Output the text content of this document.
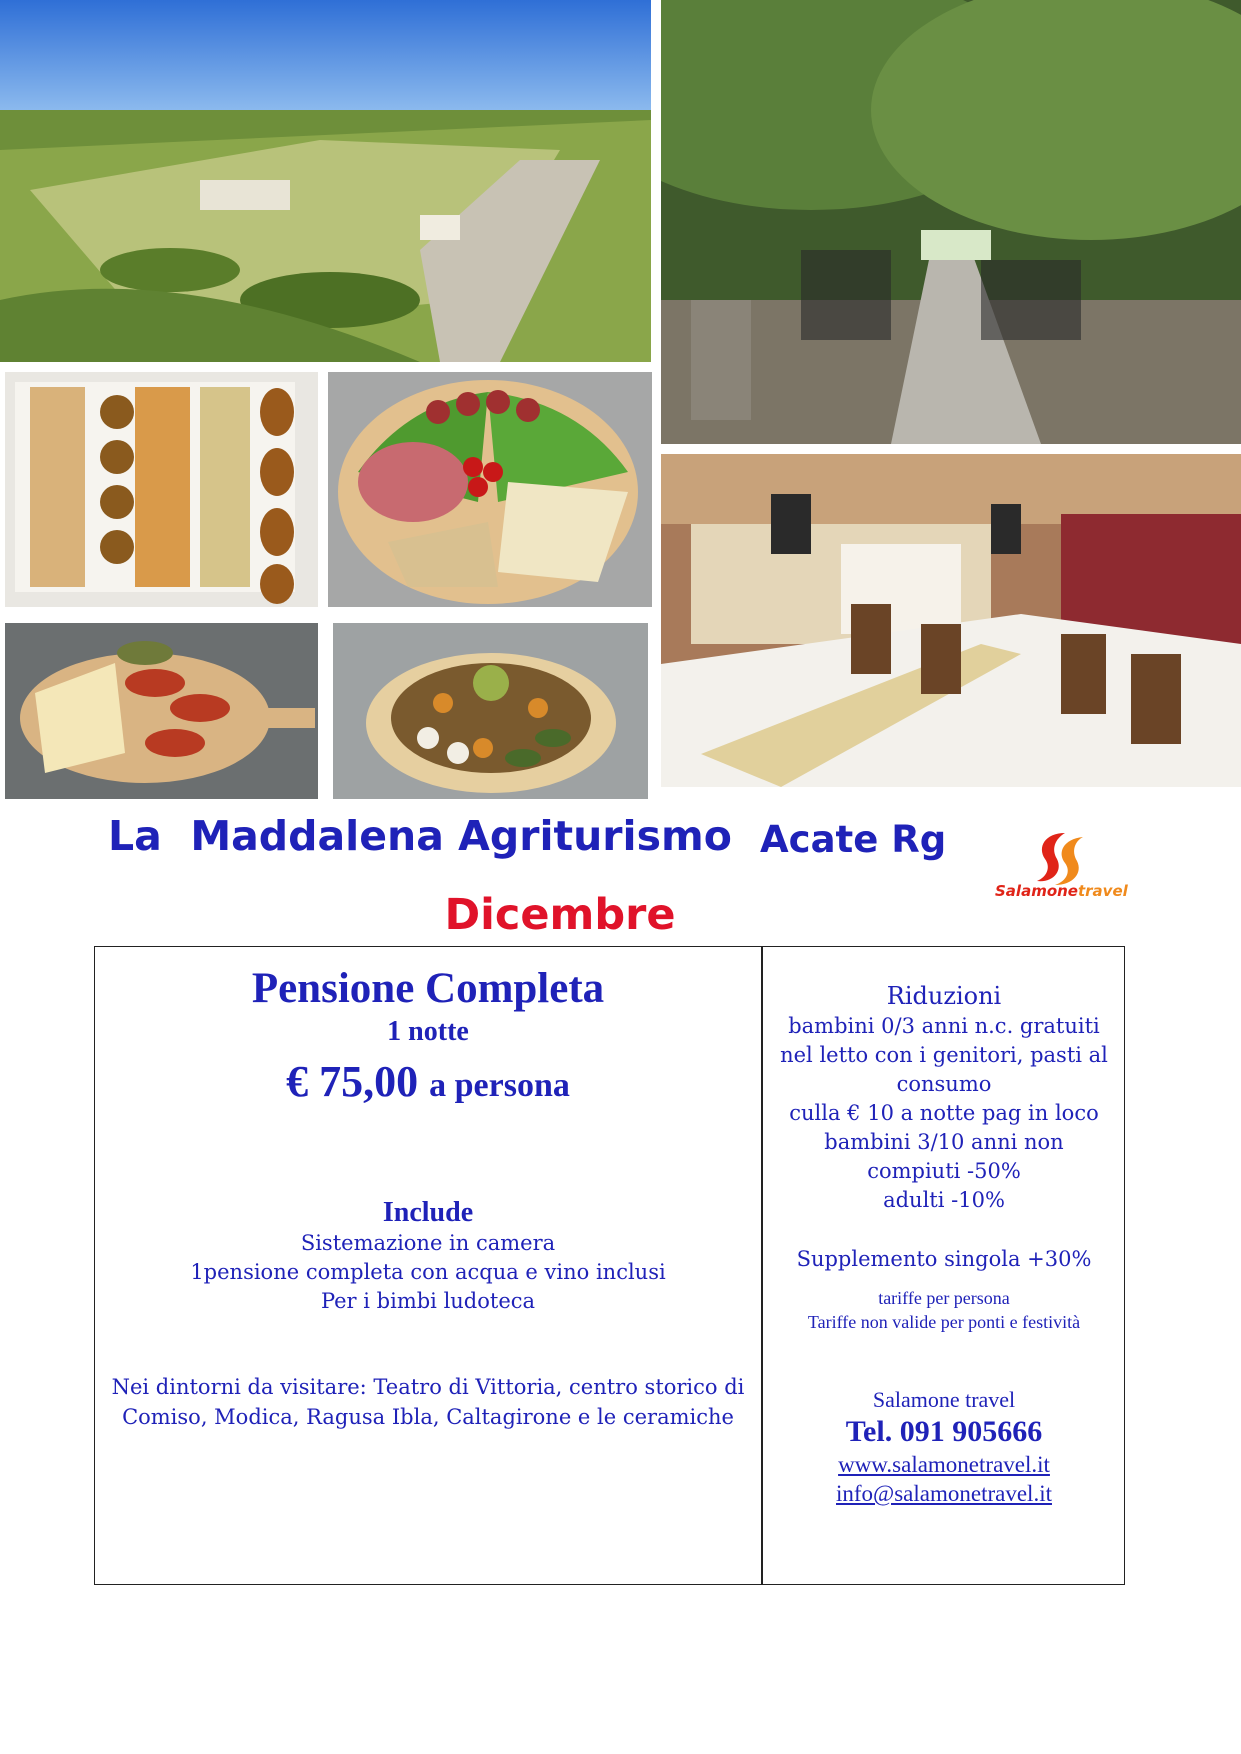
La  Maddalena Agriturismo Acate Rg
Dicembre	Salamonetravel
Pensione Completa
1 notte
€ 75,00 a persona
Include
Sistemazione in camera
1pensione completa con acqua e vino inclusi
Per i bimbi ludoteca
Nei dintorni da visitare: Teatro di Vittoria, centro storico di
Comiso, Modica, Ragusa Ibla, Caltagirone e le ceramiche
Riduzioni
bambini 0/3 anni n.c. gratuiti
nel letto con i genitori, pasti al
consumo
culla € 10 a notte pag in loco
bambini 3/10 anni non
compiuti -50%
adulti -10%
Supplemento singola +30%
tariffe per persona
Tariffe non valide per ponti e festività
Salamone travel
Tel. 091 905666
www.salamonetravel.it
info@salamonetravel.it
